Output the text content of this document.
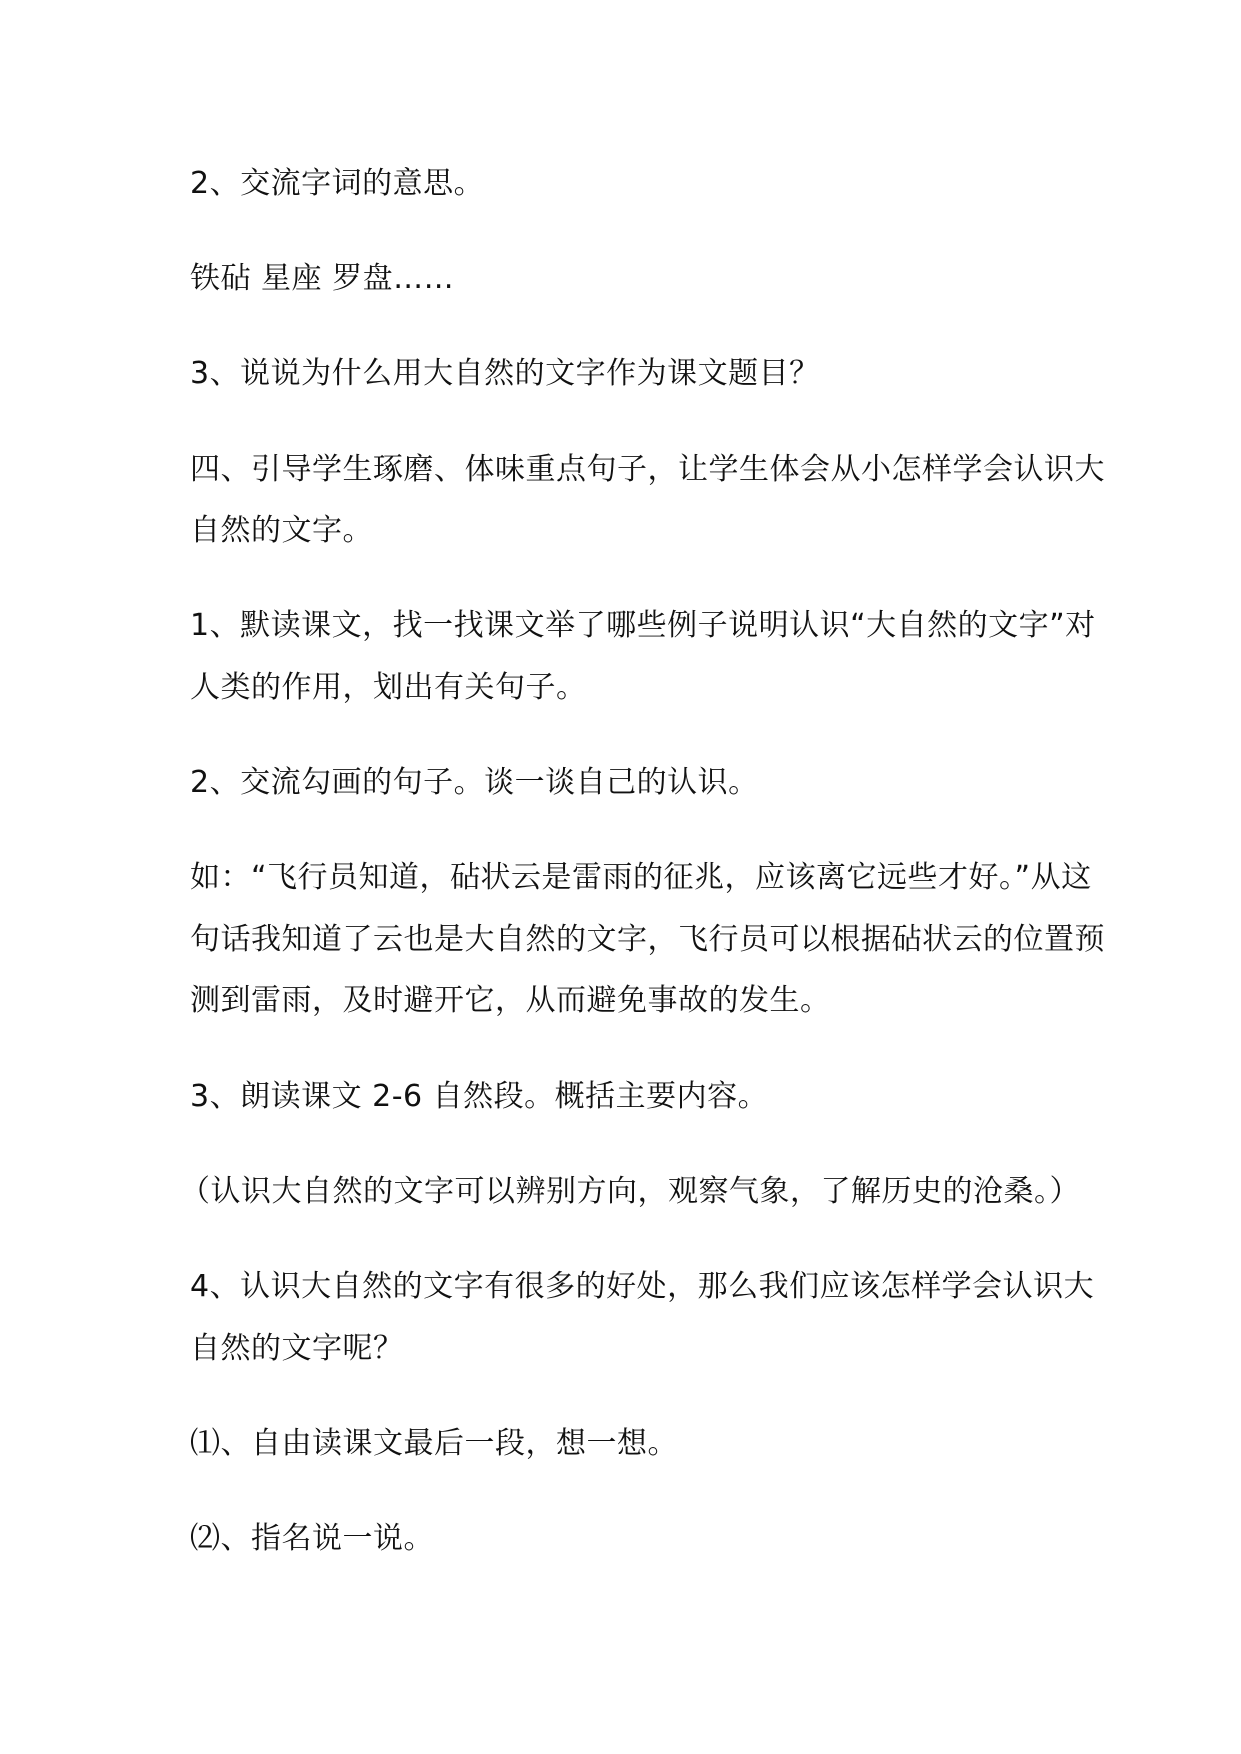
2、交流字词的意思。
铁砧 星座 罗盘……
3、说说为什么用大自然的文字作为课文题目？
四、引导学生琢磨、体味重点句子，让学生体会从小怎样学会认识大
自然的文字。
1、默读课文，找一找课文举了哪些例子说明认识“大自然的文字”对
人类的作用，划出有关句子。
2、交流勾画的句子。谈一谈自己的认识。
如：“飞行员知道，砧状云是雷雨的征兆，应该离它远些才好。”从这
句话我知道了云也是大自然的文字，飞行员可以根据砧状云的位置预
测到雷雨，及时避开它，从而避免事故的发生。
3、朗读课文 2-6 自然段。概括主要内容。
（认识大自然的文字可以辨别方向，观察气象，了解历史的沧桑。）
4、认识大自然的文字有很多的好处，那么我们应该怎样学会认识大
自然的文字呢？
⑴、自由读课文最后一段，想一想。
⑵、指名说一说。
